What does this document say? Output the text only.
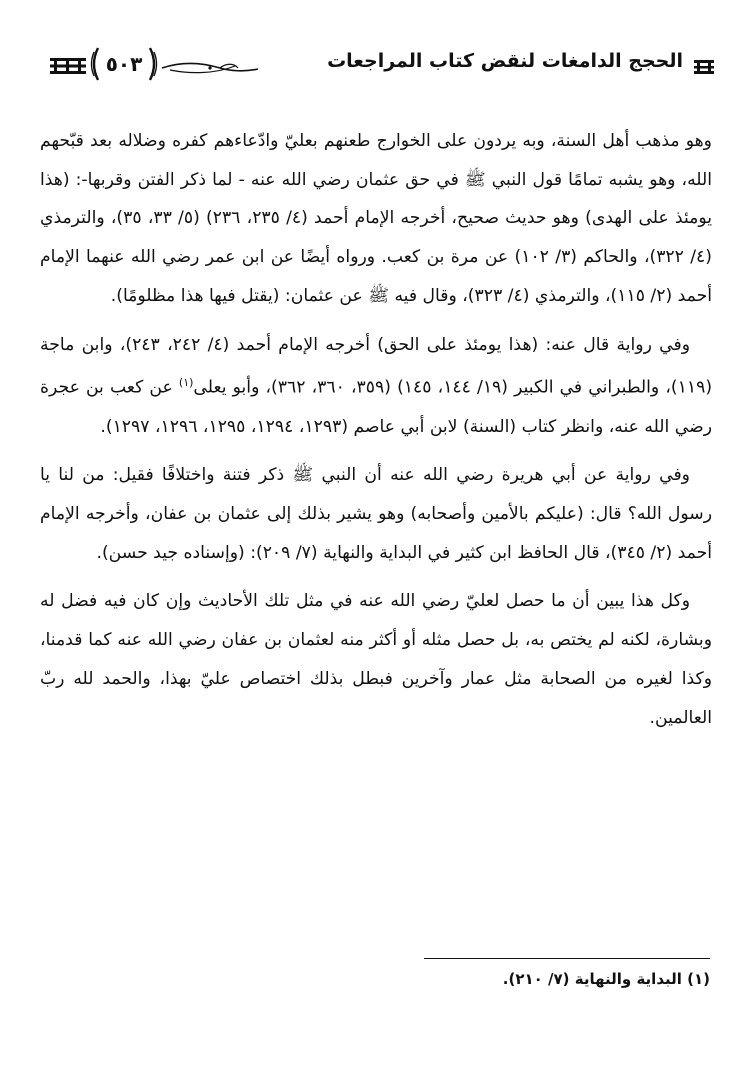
الحجج الدامغات لنقض كتاب المراجعات
٥٠٣

وهو مذهب أهل السنة، وبه يردون على الخوارج طعنهم بعليّ وادّعاءهم كفره وضلاله بعد قبّحهم الله، وهو يشبه تمامًا قول النبي ﷺ في حق عثمان رضي الله عنه - لما ذكر الفتن وقربها-: (هذا يومئذ على الهدى) وهو حديث صحيح، أخرجه الإمام أحمد (٤/ ٢٣٥، ٢٣٦) (٥/ ٣٣، ٣٥)، والترمذي (٤/ ٣٢٢)، والحاكم (٣/ ١٠٢) عن مرة بن كعب. ورواه أيضًا عن ابن عمر رضي الله عنهما الإمام أحمد (٢/ ١١٥)، والترمذي (٤/ ٣٢٣)، وقال فيه ﷺ عن عثمان: (يقتل فيها هذا مظلومًا).

وفي رواية قال عنه: (هذا يومئذ على الحق) أخرجه الإمام أحمد (٤/ ٢٤٢، ٢٤٣)، وابن ماجة (١١٩)، والطبراني في الكبير (١٩/ ١٤٤، ١٤٥) (٣٥٩، ٣٦٠، ٣٦٢)، وأبو يعلى$^{(١)}$ عن كعب بن عجرة رضي الله عنه، وانظر كتاب (السنة) لابن أبي عاصم (١٢٩٣، ١٢٩٤، ١٢٩٥، ١٢٩٦، ١٢٩٧).

وفي رواية عن أبي هريرة رضي الله عنه أن النبي ﷺ ذكر فتنة واختلافًا فقيل: من لنا يا رسول الله؟ قال: (عليكم بالأمين وأصحابه) وهو يشير بذلك إلى عثمان بن عفان، وأخرجه الإمام أحمد (٢/ ٣٤٥)، قال الحافظ ابن كثير في البداية والنهاية (٧/ ٢٠٩): (وإسناده جيد حسن).

وكل هذا يبين أن ما حصل لعليّ رضي الله عنه في مثل تلك الأحاديث وإن كان فيه فضل له وبشارة، لكنه لم يختص به، بل حصل مثله أو أكثر منه لعثمان بن عفان رضي الله عنه كما قدمنا، وكذا لغيره من الصحابة مثل عمار وآخرين فبطل بذلك اختصاص عليّ بهذا، والحمد لله ربّ العالمين.

(١) البداية والنهاية (٧/ ٢١٠).
